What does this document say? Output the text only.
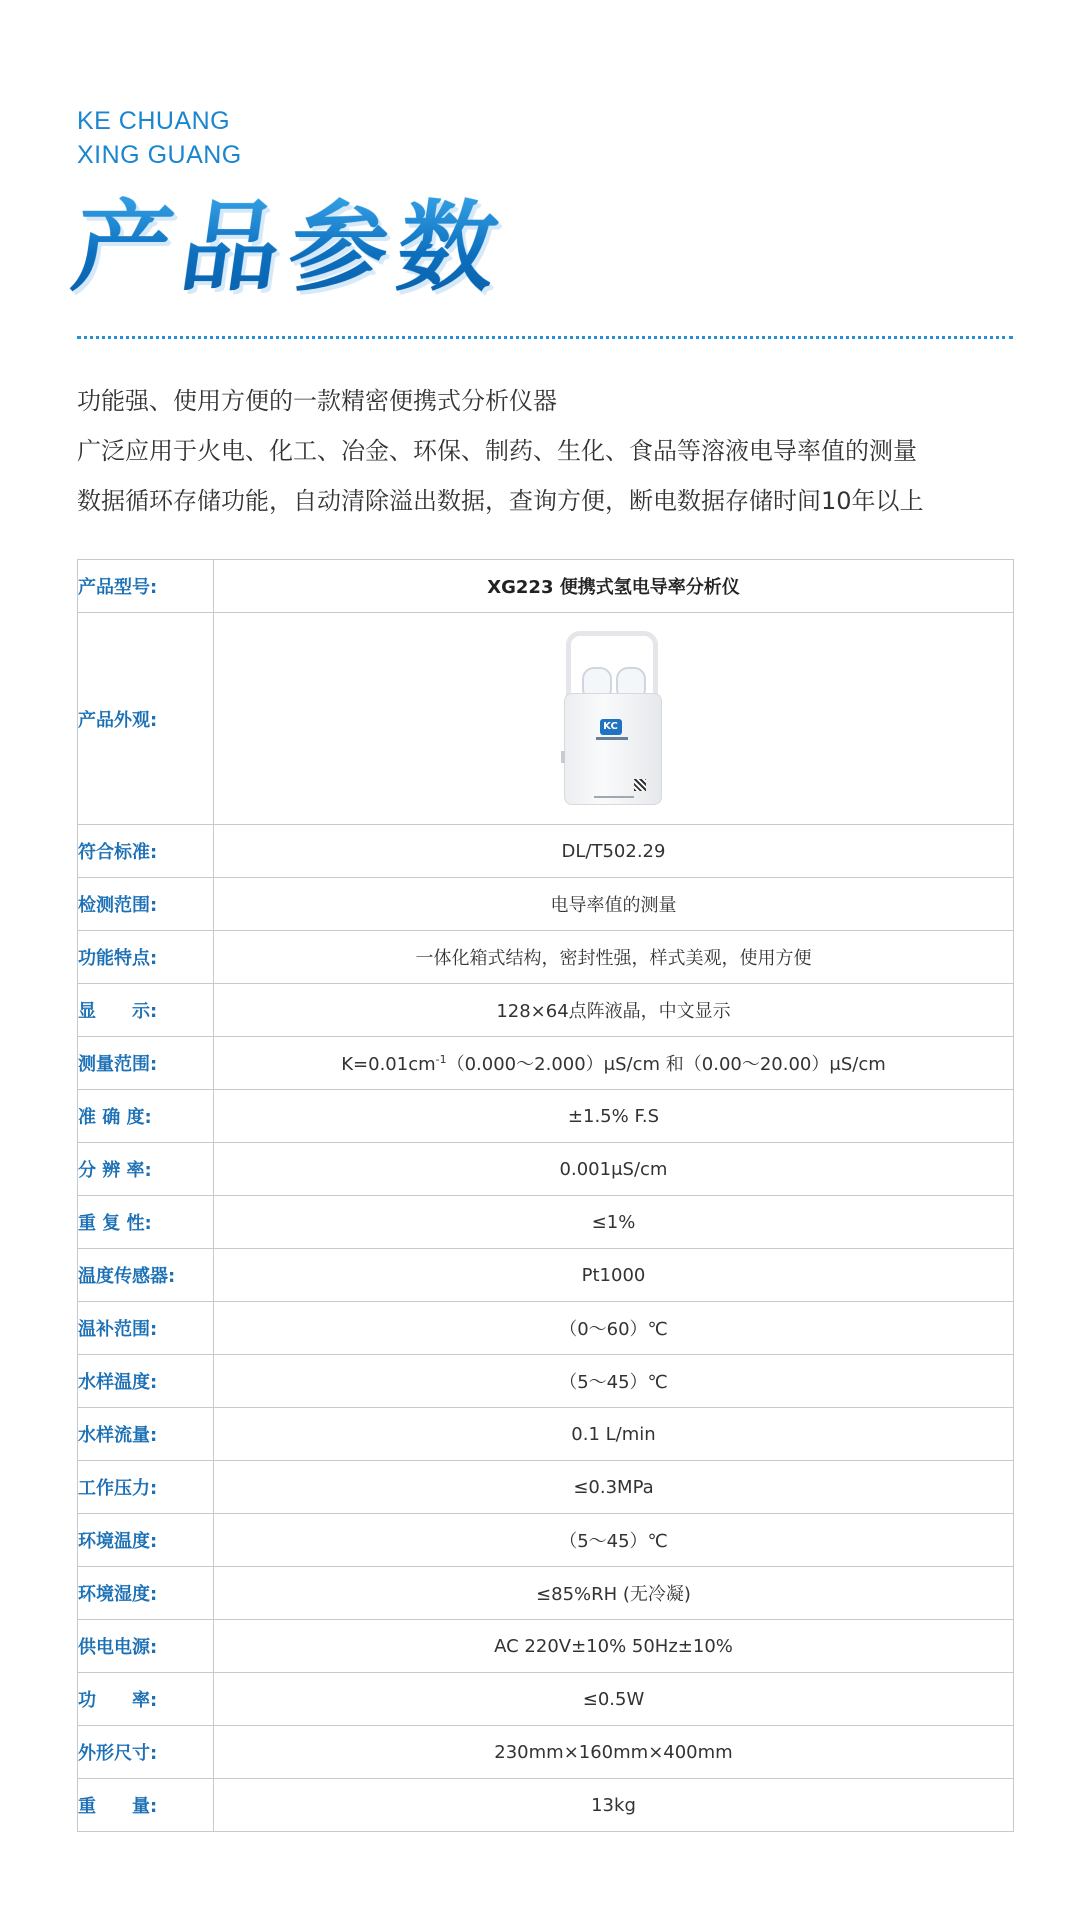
KE CHUANG
XING GUANG
产品参数
功能强、使用方便的一款精密便携式分析仪器
广泛应用于火电、化工、冶金、环保、制药、生化、食品等溶液电导率值的测量
数据循环存储功能，自动清除溢出数据，查询方便，断电数据存储时间10年以上
产品型号:	XG223 便携式氢电导率分析仪
产品外观:	KC

符合标准:	DL/T502.29
检测范围:	电导率值的测量
功能特点:	一体化箱式结构，密封性强，样式美观，使用方便
显　　示:	128×64点阵液晶，中文显示
测量范围:	$K=0.01cm^{-1}(0.000\sim 2.000)\mu S/cm$ 和（0.00～20.00）μS/cm
准 确 度:	±1.5% F.S
分 辨 率:	0.001μS/cm
重 复 性:	≤1%
温度传感器:	Pt1000
温补范围:	（0～60）℃
水样温度:	（5～45）℃
水样流量:	0.1 L/min
工作压力:	≤0.3MPa
环境温度:	（5～45）℃
环境湿度:	≤85%RH (无冷凝)
供电电源:	AC 220V±10% 50Hz±10%
功　　率:	≤0.5W
外形尺寸:	230mm×160mm×400mm
重　　量:	13kg
